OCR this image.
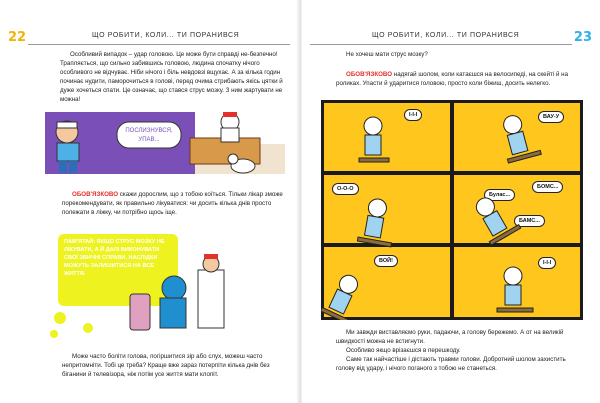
22	ЩО РОБИТИ, КОЛИ... ТИ ПОРАНИВСЯ

Особливий випадок – удар головою. Це може бути справді не-безпечно! Трапляється, що сильно забившись головою, людина спочатку нічого особливого не відчуває. Ніби нічого і біль невдовзі вщухає. А за кілька годин починає нудити, паморочиться в голові, перед очима стрибають якісь цятки й дуже хочеться спати. Це означає, що стався струс мозку. З ним жартувати не можна!

ПОСЛИЗНУВСЯ,
УПАВ...

ОБОВ'ЯЗКОВО скажи дорослим, що з тобою коїться. Тільки лікар зможе порекомендувати, як правильно лікуватися: чи досить кілька днів просто полежати в ліжку, чи потрібно щось іще.

ПАМ'ЯТАЙ: ЯКЩО СТРУС МОЗКУ НЕ ЛІКУВАТИ, А Й ДАЛІ ВИКОНУВАТИ СВОЇ ЗВИЧНІ СПРАВИ, НАСЛІДКИ МОЖУТЬ ЗАЛИШИТИСЯ НА ВСЕ ЖИТТЯ.

Може часто боліти голова, погіршитися зір або слух, можеш часто непритомніти. Тобі це треба? Краще вже зараз потерпіти кілька днів без біганини й телевізора, ніж потім усе життя мати клопіт.

ЩО РОБИТИ, КОЛИ... ТИ ПОРАНИВСЯ	23

Не хочеш мати струс мозку?

ОБОВ'ЯЗКОВО надягай шолом, коли катаєшся на велосипеді, на скейті й на роликах. Упасти й ударитися головою, просто коли біжиш, досить нелегко.

І-І-І	ВАУ-У
О-О-О
Булас...
БОМС...
БАМС...
ВОЙ!	І-І-І

Ми завжди виставляємо руки, падаючи, а голову бережемо. А от на великій швидкості можна не встигнути.

Особливо якщо врізаєшся в перешкоду.

Саме так найчастіше і дістають травми голови. Добротний шолом захистить голову від удару, і нічого поганого з тобою не станеться.
